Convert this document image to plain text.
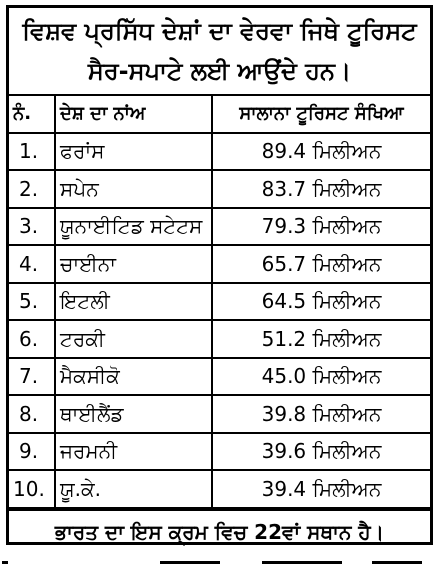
ਵਿਸ਼ਵ ਪ੍ਰਸਿੱਧ ਦੇਸ਼ਾਂ ਦਾ ਵੇਰਵਾ ਜਿਥੇ ਟੂਰਿਸਟ
ਸੈਰ-ਸਪਾਟੇ ਲਈ ਆਉਂਦੇ ਹਨ।
ਨੰ.	ਦੇਸ਼ ਦਾ ਨਾਂਅ	ਸਾਲਾਨਾ ਟੂਰਿਸਟ ਸੰਖਿਆ
1.	ਫਰਾਂਸ	89.4 ਮਿਲੀਅਨ
2.	ਸਪੇਨ	83.7 ਮਿਲੀਅਨ
3.	ਯੂਨਾਈਟਿਡ ਸਟੇਟਸ	79.3 ਮਿਲੀਅਨ
4.	ਚਾਈਨਾ	65.7 ਮਿਲੀਅਨ
5.	ਇਟਲੀ	64.5 ਮਿਲੀਅਨ
6.	ਟਰਕੀ	51.2 ਮਿਲੀਅਨ
7.	ਮੈਕਸੀਕੋ	45.0 ਮਿਲੀਅਨ
8.	ਥਾਈਲੈਂਡ	39.8 ਮਿਲੀਅਨ
9.	ਜਰਮਨੀ	39.6 ਮਿਲੀਅਨ
10.	ਯੂ.ਕੇ.	39.4 ਮਿਲੀਅਨ
ਭਾਰਤ ਦਾ ਇਸ ਕ੍ਰਮ ਵਿਚ 22ਵਾਂ ਸਥਾਨ ਹੈ।
